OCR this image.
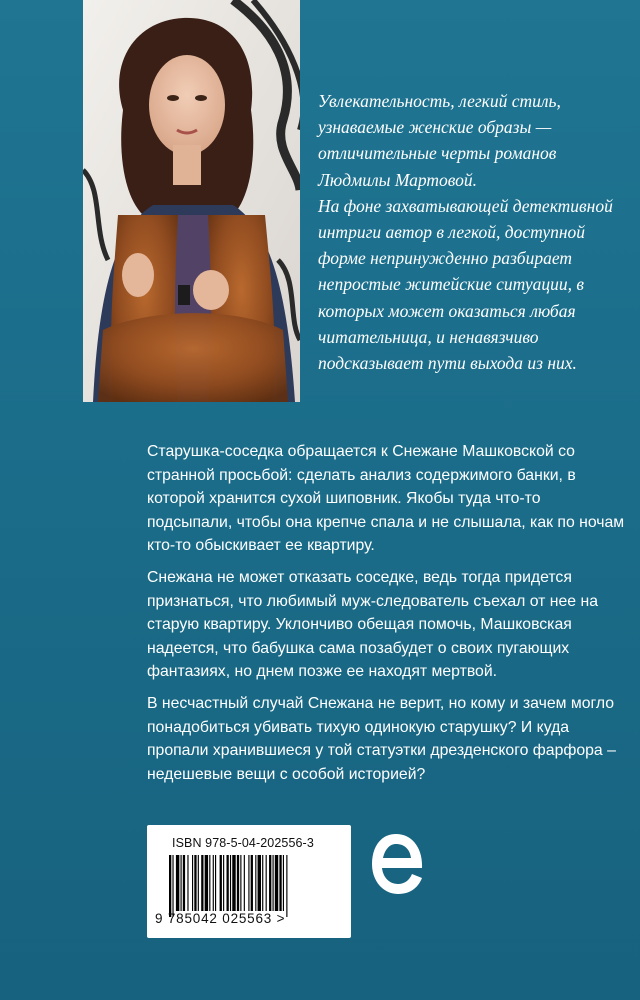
Увлекательность, легкий стиль, узнаваемые женские образы — отличительные черты романов Людмилы Мартовой.

На фоне захватывающей детективной интриги автор в легкой, доступной форме непринужденно разбирает непростые житейские ситуации, в которых может оказаться любая читательница, и ненавязчиво подсказывает пути выхода из них.

Старушка-соседка обращается к Снежане Машковской со странной просьбой: сделать анализ содержимого банки, в которой хранится сухой шиповник. Якобы туда что-то подсыпали, чтобы она крепче спала и не слышала, как по ночам кто-то обыскивает ее квартиру.

Снежана не может отказать соседке, ведь тогда придется признаться, что любимый муж-следователь съехал от нее на старую квартиру. Уклончиво обещая помочь, Машковская надеется, что бабушка сама позабудет о своих пугающих фантазиях, но днем позже ее находят мертвой.

В несчастный случай Снежана не верит, но кому и зачем могло понадобиться убивать тихую одинокую старушку? И куда пропали хранившиеся у той статуэтки дрезденского фарфора – недешевые вещи с особой историей?

ISBN 978-5-04-202556-3
9 785042 025563 >
